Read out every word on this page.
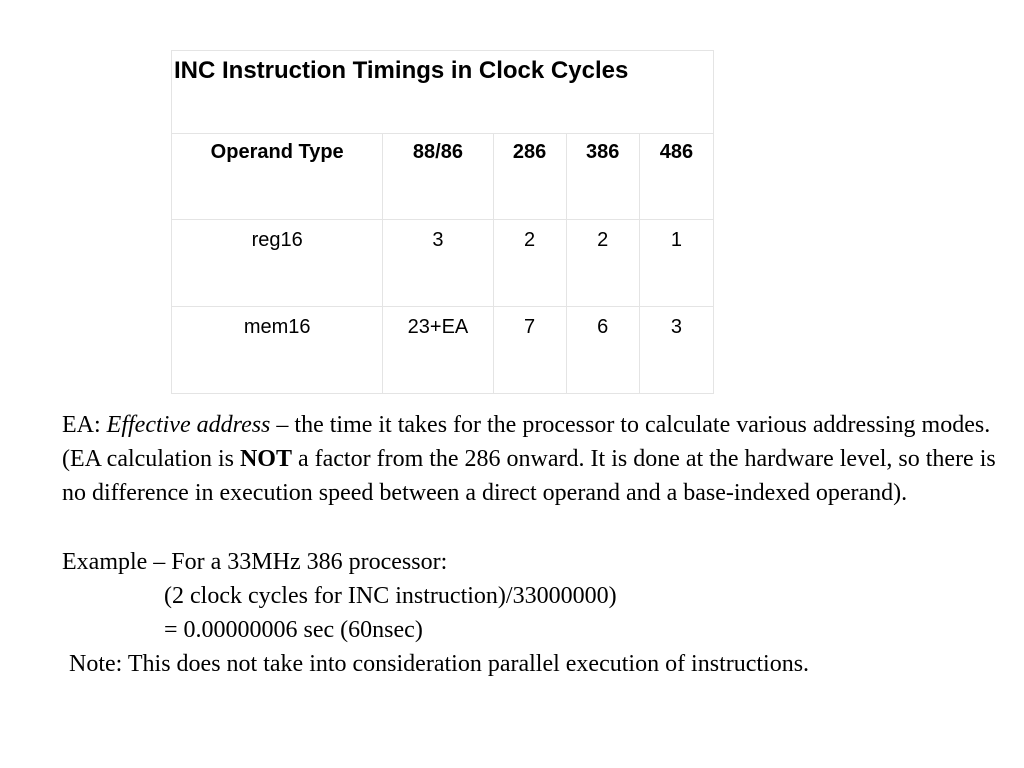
INC Instruction Timings in Clock Cycles				
Operand Type	88/86	286	386	486
reg16	3	2	2	1
mem16	23+EA	7	6	3

EA: Effective address – the time it takes for the processor to calculate various addressing modes.

(EA calculation is NOT a factor from the 286 onward. It is done at the hardware level, so there is no difference in execution speed between a direct operand and a base-indexed operand).

Example – For a 33MHz 386 processor:

(2 clock cycles for INC instruction)/33000000)

= 0.00000006 sec (60nsec)

Note: This does not take into consideration parallel execution of instructions.
